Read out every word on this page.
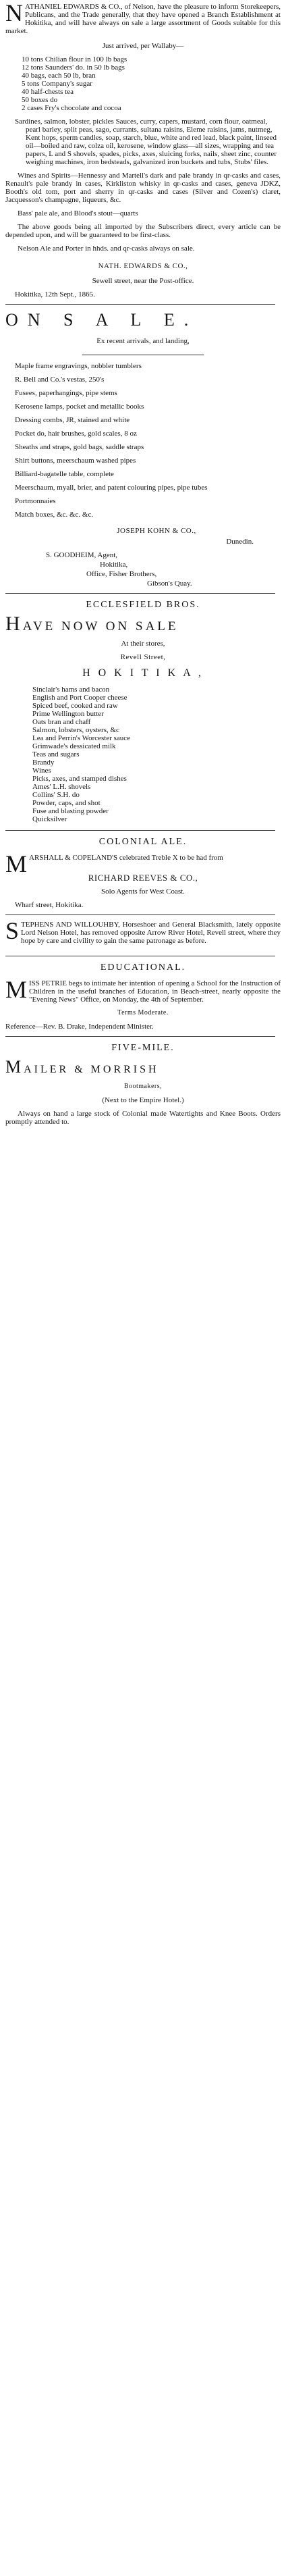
NATHANIEL EDWARDS & CO., of Nelson, have the pleasure to inform Storekeepers, Publicans, and the Trade generally, that they have opened a Branch Establishment at Hokitika, and will have always on sale a large assortment of Goods suitable for this market.

Just arrived, per Wallaby—

10 tons Chilian flour in 100 lb bags
12 tons Saunders' do. in 50 lb bags
40 bags, each 50 lb, bran
5 tons Company's sugar
40 half-chests tea
50 boxes do
2 cases Fry's chocolate and cocoa

Sardines, salmon, lobster, pickles Sauces, curry, capers, mustard, corn flour, oatmeal, pearl barley, split peas, sago, currants, sultana raisins, Eleme raisins, jams, nutmeg, Kent hops, sperm candles, soap, starch, blue, white and red lead, black paint, linseed oil—boiled and raw, colza oil, kerosene, window glass—all sizes, wrapping and tea papers, L and S shovels, spades, picks, axes, sluicing forks, nails, sheet zinc, counter weighing machines, iron bedsteads, galvanized iron buckets and tubs, Stubs' files.

Wines and Spirits—Hennessy and Martell's dark and pale brandy in qr-casks and cases, Renault's pale brandy in cases, Kirkliston whisky in qr-casks and cases, geneva JDKZ, Booth's old tom, port and sherry in qr-casks and cases (Silver and Cozen's) claret, Jacquesson's champagne, liqueurs, &c.

Bass' pale ale, and Blood's stout—quarts

The above goods being all imported by the Subscribers direct, every article can be depended upon, and will be guaranteed to be first-class.

Nelson Ale and Porter in hhds. and qr-casks always on sale.

NATH. EDWARDS & CO.,

Sewell street, near the Post-office.

Hokitika, 12th Sept., 1865.

ON S A L E.

Ex recent arrivals, and landing,

Maple frame engravings, nobbler tumblers

R. Bell and Co.'s vestas, 250's

Fusees, paperhangings, pipe stems

Kerosene lamps, pocket and metallic books

Dressing combs, JR, stained and white

Pocket do, hair brushes, gold scales, 8 oz

Sheaths and straps, gold bags, saddle straps

Shirt buttons, meerschaum washed pipes

Billiard-bagatelle table, complete

Meerschaum, myall, brier, and patent colouring pipes, pipe tubes

Portmonnaies

Match boxes, &c. &c. &c.

JOSEPH KOHN & CO.,

Dunedin.

S. GOODHEIM, Agent,

Hokitika,

Office, Fisher Brothers,

Gibson's Quay.

ECCLESFIELD BROS.
HAVE NOW ON SALE

At their stores,

Revell Street,

H O K I T I K A ,

Sinclair's hams and bacon
English and Port Cooper cheese
Spiced beef, cooked and raw
Prime Wellington butter
Oats bran and chaff
Salmon, lobsters, oysters, &c
Lea and Perrin's Worcester sauce
Grimwade's dessicated milk
Teas and sugars
Brandy
Wines
Picks, axes, and stamped dishes
Ames' L.H. shovels
Collins' S.H. do
Powder, caps, and shot
Fuse and blasting powder
Quicksilver
COLONIAL ALE.

MARSHALL & COPELAND'S celebrated Treble X to be had from

RICHARD REEVES & CO.,

Solo Agents for West Coast.

Wharf street, Hokitika.

STEPHENS AND WILLOUHBY, Horseshoer and General Blacksmith, lately opposite Lord Nelson Hotel, has removed opposite Arrow River Hotel, Revell street, where they hope by care and civility to gain the same patronage as before.

EDUCATIONAL.

MISS PETRIE begs to intimate her intention of opening a School for the Instruction of Children in the useful branches of Education, in Beach-street, nearly opposite the "Evening News" Office, on Monday, the 4th of September.

Terms Moderate.

Reference—Rev. B. Drake, Independent Minister.

FIVE-MILE.
MAILER & MORRISH

Bootmakers,

(Next to the Empire Hotel.)

Always on hand a large stock of Colonial made Watertights and Knee Boots. Orders promptly attended to.
